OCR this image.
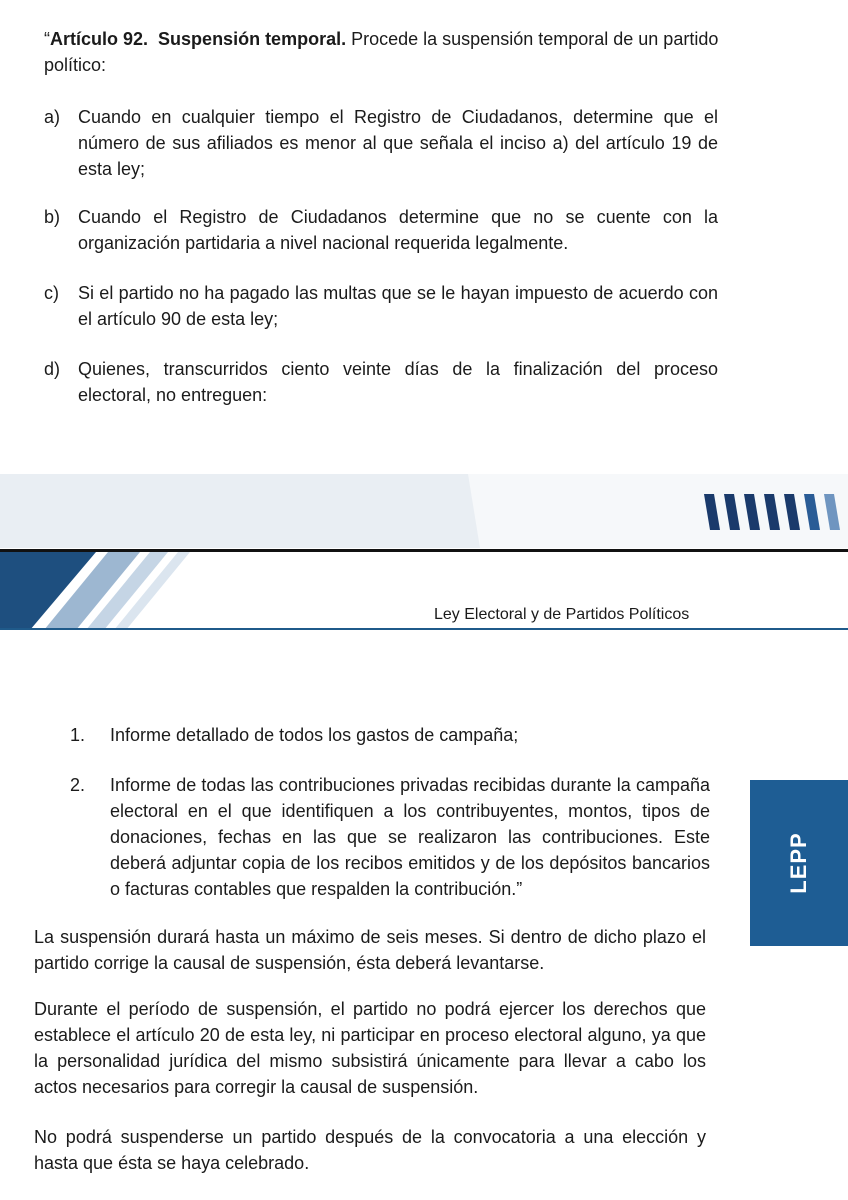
“Artículo 92. Suspensión temporal. Procede la suspensión temporal de un partido político:
a) Cuando en cualquier tiempo el Registro de Ciudadanos, determine que el número de sus afiliados es menor al que señala el inciso a) del artículo 19 de esta ley;
b) Cuando el Registro de Ciudadanos determine que no se cuente con la organización partidaria a nivel nacional requerida legalmente.
c)	Si el partido no ha pagado las multas que se le hayan impuesto de acuerdo con el artículo 90 de esta ley;
d) Quienes, transcurridos ciento veinte días de la finalización del proceso electoral, no entreguen:
Ley Electoral y de Partidos Políticos
1.	Informe detallado de todos los gastos de campaña;
2.	Informe de todas las contribuciones privadas recibidas durante la campaña electoral en el que identifiquen a los contribuyentes, montos, tipos de donaciones, fechas en las que se realizaron las contribuciones. Este deberá adjuntar copia de los recibos emitidos y de los depósitos bancarios o facturas contables que respalden la contribución.”	LEPP
La suspensión durará hasta un máximo de seis meses. Si dentro de dicho plazo el partido corrige la causal de suspensión, ésta deberá levantarse.
Durante el período de suspensión, el partido no podrá ejercer los derechos que establece el artículo 20 de esta ley, ni participar en proceso electoral alguno, ya que la personalidad jurídica del mismo subsistirá únicamente para llevar a cabo los actos necesarios para corregir la causal de suspensión.
No podrá suspenderse un partido después de la convocatoria a una elección y hasta que ésta se haya celebrado.
